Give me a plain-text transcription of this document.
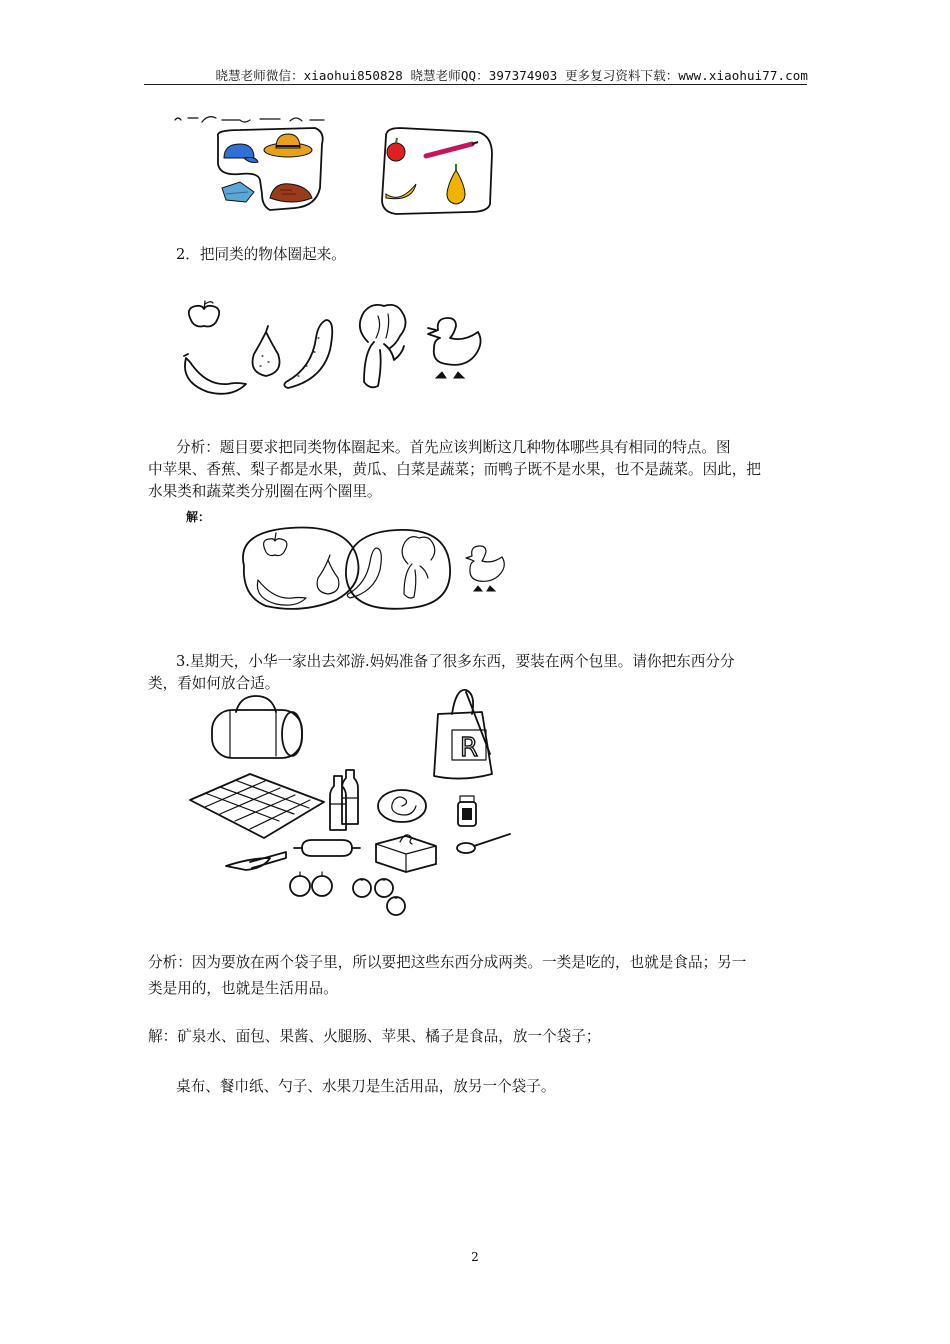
晓慧老师微信：xiaohui850828 晓慧老师QQ：397374903 更多复习资料下载：www.xiaohui77.com
2．把同类的物体圈起来。
分析：题目要求把同类物体圈起来。首先应该判断这几种物体哪些具有相同的特点。图
中苹果、香蕉、梨子都是水果，黄瓜、白菜是蔬菜；而鸭子既不是水果，也不是蔬菜。因此，把
水果类和蔬菜类分别圈在两个圈里。
解：
3.星期天，小华一家出去郊游.妈妈准备了很多东西，要装在两个包里。请你把东西分分
类，看如何放合适。
R
分析：因为要放在两个袋子里，所以要把这些东西分成两类。一类是吃的，也就是食品；另一
类是用的，也就是生活用品。
解：矿泉水、面包、果酱、火腿肠、苹果、橘子是食品，放一个袋子；
桌布、餐巾纸、勺子、水果刀是生活用品，放另一个袋子。
2
